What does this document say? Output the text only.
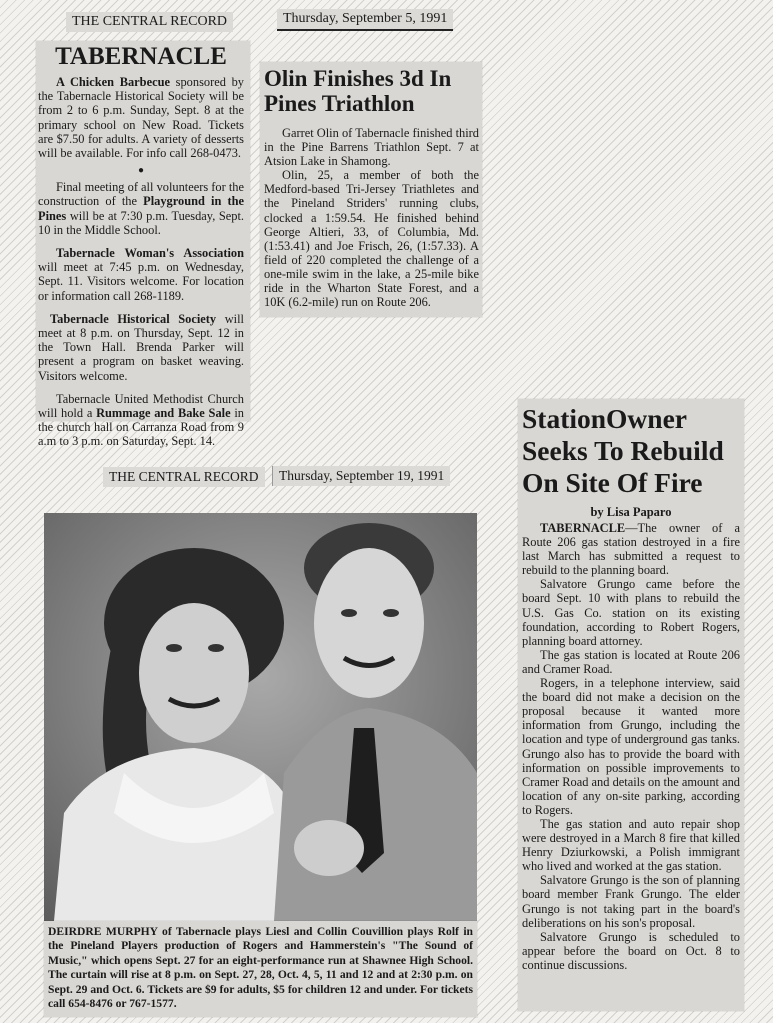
THE CENTRAL RECORD	Thursday, September 5, 1991
TABERNACLE

A Chicken Barbecue sponsored by the Tabernacle Historical Society will be from 2 to 6 p.m. Sunday, Sept. 8 at the primary school on New Road. Tickets are $7.50 for adults. A variety of desserts will be available. For info call 268-0473.

●

Final meeting of all volunteers for the construction of the Playground in the Pines will be at 7:30 p.m. Tuesday, Sept. 10 in the Middle School.

Tabernacle Woman's Association will meet at 7:45 p.m. on Wednesday, Sept. 11. Visitors welcome. For location or information call 268-1189.

Tabernacle Historical Society will meet at 8 p.m. on Thursday, Sept. 12 in the Town Hall. Brenda Parker will present a program on basket weaving. Visitors welcome.

Tabernacle United Methodist Church will hold a Rummage and Bake Sale in the church hall on Carranza Road from 9 a.m to 3 p.m. on Saturday, Sept. 14.

Olin Finishes 3d In Pines Triathlon

Garret Olin of Tabernacle finished third in the Pine Barrens Triathlon Sept. 7 at Atsion Lake in Shamong.

Olin, 25, a member of both the Medford-based Tri-Jersey Triathletes and the Pineland Striders' running clubs, clocked a 1:59.54. He finished behind George Altieri, 33, of Columbia, Md. (1:53.41) and Joe Frisch, 26, (1:57.33). A field of 220 completed the challenge of a one-mile swim in the lake, a 25-mile bike ride in the Wharton State Forest, and a 10K (6.2-mile) run on Route 206.

THE CENTRAL RECORD	Thursday, September 19, 1991
DEIRDRE MURPHY of Tabernacle plays Liesl and Collin Couvillion plays Rolf in the Pineland Players production of Rogers and Hammerstein's "The Sound of Music," which opens Sept. 27 for an eight-performance run at Shawnee High School. The curtain will rise at 8 p.m. on Sept. 27, 28, Oct. 4, 5, 11 and 12 and at 2:30 p.m. on Sept. 29 and Oct. 6. Tickets are $9 for adults, $5 for children 12 and under. For tickets call 654-8476 or 767-1577.
StationOwner Seeks To Rebuild On Site Of Fire
by Lisa Paparo

TABERNACLE—The owner of a Route 206 gas station destroyed in a fire last March has submitted a request to rebuild to the planning board.

Salvatore Grungo came before the board Sept. 10 with plans to rebuild the U.S. Gas Co. station on its existing foundation, according to Robert Rogers, planning board attorney.

The gas station is located at Route 206 and Cramer Road.

Rogers, in a telephone interview, said the board did not make a decision on the proposal because it wanted more information from Grungo, including the location and type of underground gas tanks. Grungo also has to provide the board with information on possible improvements to Cramer Road and details on the amount and location of any on-site parking, according to Rogers.

The gas station and auto repair shop were destroyed in a March 8 fire that killed Henry Dziurkowski, a Polish immigrant who lived and worked at the gas station.

Salvatore Grungo is the son of planning board member Frank Grungo. The elder Grungo is not taking part in the board's deliberations on his son's proposal.

Salvatore Grungo is scheduled to appear before the board on Oct. 8 to continue discussions.
